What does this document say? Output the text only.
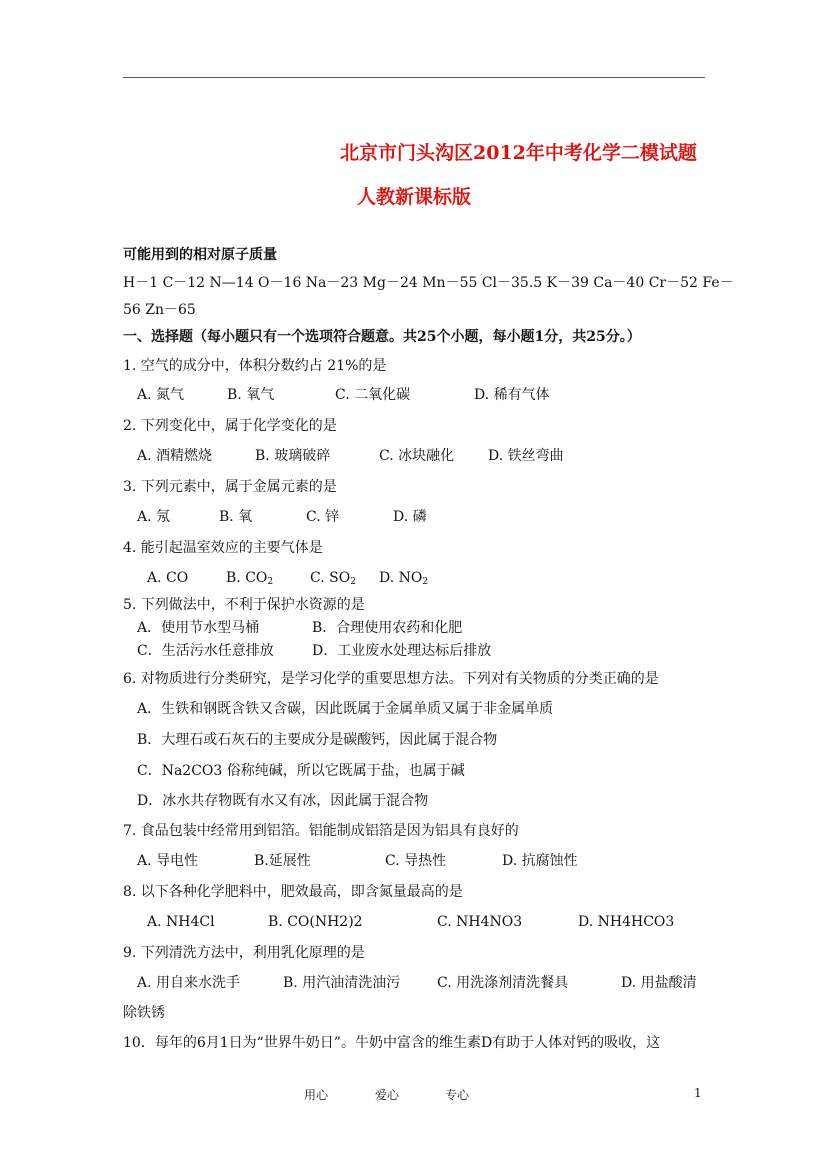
北京市门头沟区2012年中考化学二模试题
人教新课标版
可能用到的相对原子质量
H－1 C－12 N—14 O－16 Na－23 Mg－24 Mn－55 Cl－35.5 K－39 Ca－40 Cr－52 Fe－
56 Zn－65
一、选择题（每小题只有一个选项符合题意。共25个小题，每小题1分，共25分。）
1. 空气的成分中，体积分数约占 21%的是
A. 氮气	B. 氧气	C. 二氧化碳	D. 稀有气体
2. 下列变化中，属于化学变化的是
A. 酒精燃烧	B. 玻璃破碎	C. 冰块融化 D. 铁丝弯曲
3. 下列元素中，属于金属元素的是
A. 氖	B. 氧	C. 锌	D. 磷
4. 能引起温室效应的主要气体是
A. CO	B. $CO_2$	C. $SO_2$ D. $NO_2$
5. 下列做法中，不利于保护水资源的是
A．使用节水型马桶	B．合理使用农药和化肥
C．生活污水任意排放	D．工业废水处理达标后排放
6. 对物质进行分类研究，是学习化学的重要思想方法。下列对有关物质的分类正确的是
A．生铁和钢既含铁又含碳，因此既属于金属单质又属于非金属单质
B．大理石或石灰石的主要成分是碳酸钙，因此属于混合物
C．Na2CO3 俗称纯碱，所以它既属于盐，也属于碱
D．冰水共存物既有水又有冰，因此属于混合物
7. 食品包装中经常用到铝箔。铝能制成铝箔是因为铝具有良好的
A. 导电性	B.延展性	C. 导热性	D. 抗腐蚀性
8. 以下各种化学肥料中，肥效最高，即含氮量最高的是
A. NH4Cl	B. CO(NH2)2	C. NH4NO3	D. NH4HCO3
9. 下列清洗方法中，利用乳化原理的是
A. 用自来水洗手	B. 用汽油清洗油污	C. 用洗涤剂清洗餐具	D. 用盐酸清
除铁锈
10．每年的6月1日为“世界牛奶日”。牛奶中富含的维生素D有助于人体对钙的吸收，这
用心	爱心	专心	1
